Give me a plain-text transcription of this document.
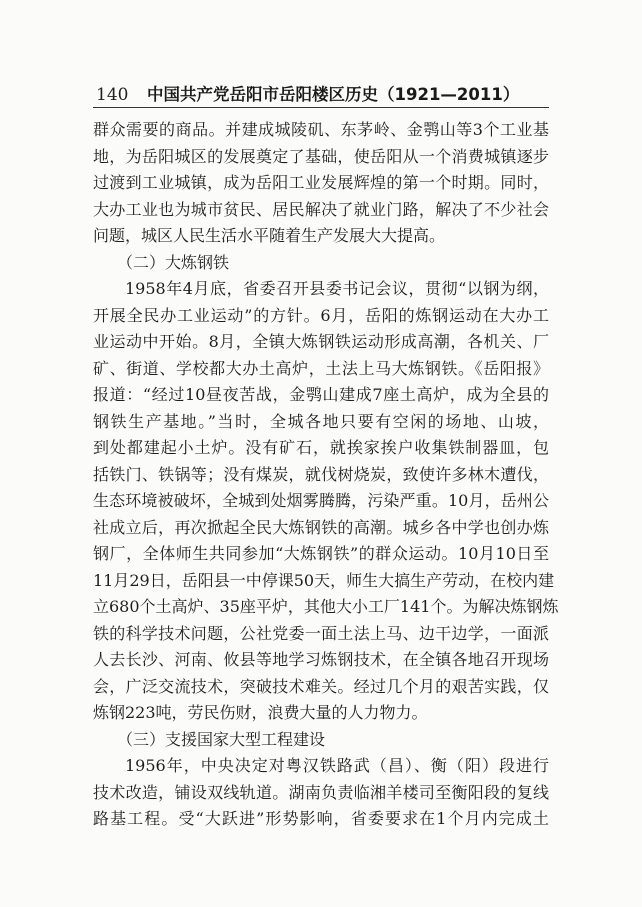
140 中国共产党岳阳市岳阳楼区历史（1921—2011）
群众需要的商品。并建成城陵矶、东茅岭、金鹗山等3个工业基
地，为岳阳城区的发展奠定了基础，使岳阳从一个消费城镇逐步
过渡到工业城镇，成为岳阳工业发展辉煌的第一个时期。同时，
大办工业也为城市贫民、居民解决了就业门路，解决了不少社会
问题，城区人民生活水平随着生产发展大大提高。
（二）大炼钢铁
1958年4月底，省委召开县委书记会议，贯彻“以钢为纲，
开展全民办工业运动”的方针。6月，岳阳的炼钢运动在大办工
业运动中开始。8月，全镇大炼钢铁运动形成高潮，各机关、厂
矿、街道、学校都大办土高炉，土法上马大炼钢铁。《岳阳报》
报道：“经过10昼夜苦战，金鹗山建成7座土高炉，成为全县的
钢铁生产基地。”当时，全城各地只要有空闲的场地、山坡，
到处都建起小土炉。没有矿石，就挨家挨户收集铁制器皿，包
括铁门、铁锅等；没有煤炭，就伐树烧炭，致使许多林木遭伐，
生态环境被破坏，全城到处烟雾腾腾，污染严重。10月，岳州公
社成立后，再次掀起全民大炼钢铁的高潮。城乡各中学也创办炼
钢厂，全体师生共同参加“大炼钢铁”的群众运动。10月10日至
11月29日，岳阳县一中停课50天，师生大搞生产劳动，在校内建
立680个土高炉、35座平炉，其他大小工厂141个。为解决炼钢炼
铁的科学技术问题，公社党委一面土法上马、边干边学，一面派
人去长沙、河南、攸县等地学习炼钢技术，在全镇各地召开现场
会，广泛交流技术，突破技术难关。经过几个月的艰苦实践，仅
炼钢223吨，劳民伤财，浪费大量的人力物力。
（三）支援国家大型工程建设
1956年，中央决定对粤汉铁路武（昌）、衡（阳）段进行
技术改造，铺设双线轨道。湖南负责临湘羊楼司至衡阳段的复线
路基工程。受“大跃进”形势影响，省委要求在1个月内完成土
